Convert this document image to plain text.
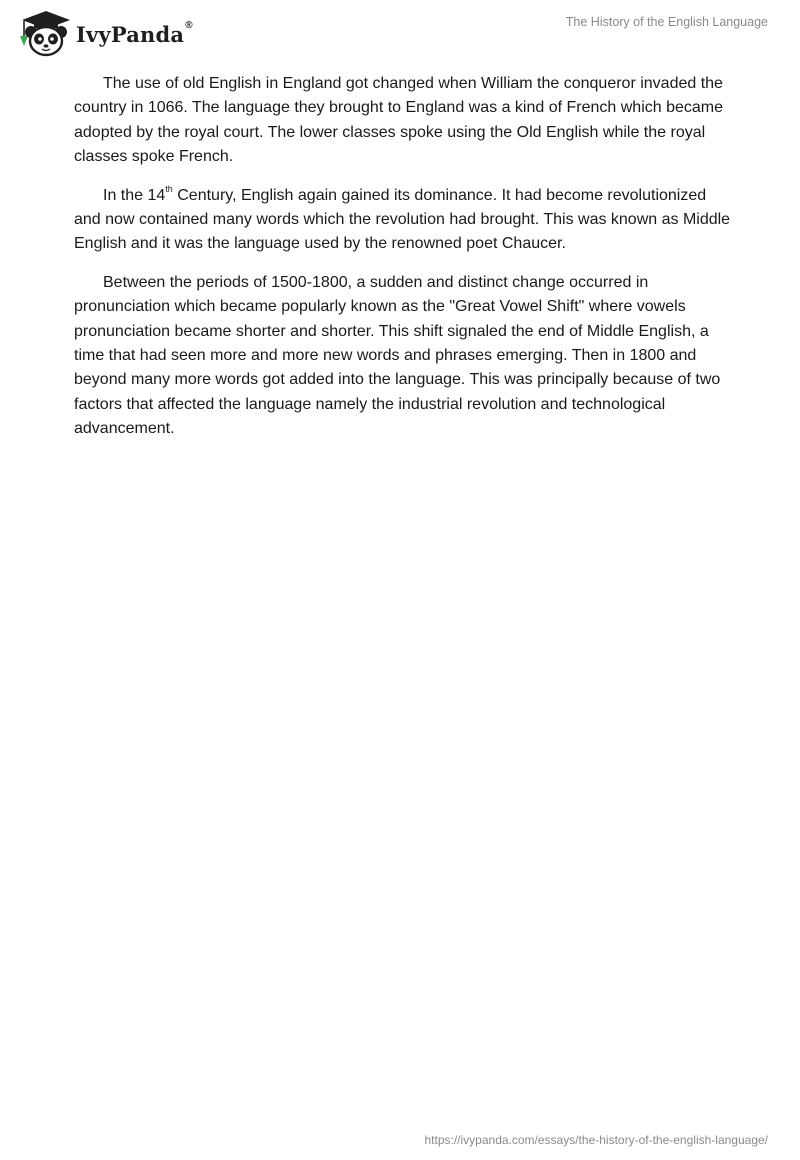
IvyPanda®	The History of the English Language

The use of old English in England got changed when William the conqueror invaded the country in 1066. The language they brought to England was a kind of French which became adopted by the royal court. The lower classes spoke using the Old English while the royal classes spoke French.

In the 14th Century, English again gained its dominance. It had become revolutionized and now contained many words which the revolution had brought. This was known as Middle English and it was the language used by the renowned poet Chaucer.

Between the periods of 1500-1800, a sudden and distinct change occurred in pronunciation which became popularly known as the "Great Vowel Shift" where vowels pronunciation became shorter and shorter. This shift signaled the end of Middle English, a time that had seen more and more new words and phrases emerging. Then in 1800 and beyond many more words got added into the language. This was principally because of two factors that affected the language namely the industrial revolution and technological advancement.

https://ivypanda.com/essays/the-history-of-the-english-language/
